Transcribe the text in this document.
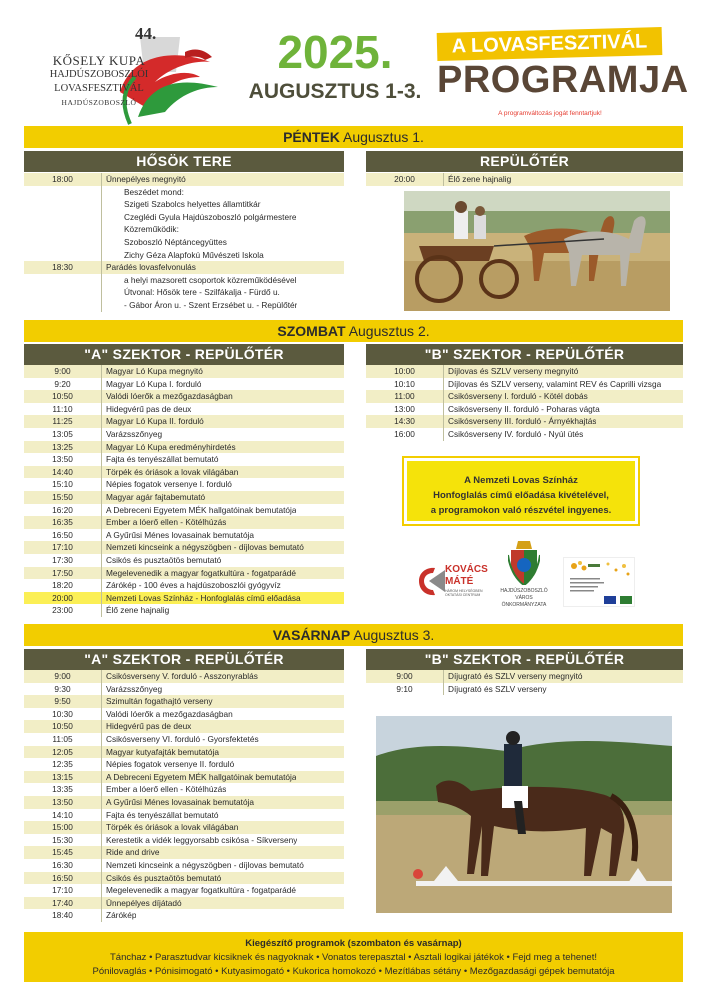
44.
KŐSELY KUPA
HAJDÚSZOBOSZLÓI
LOVASFESZTIVÁL
HAJDÚSZOBOSZLÓ
2025.
AUGUSZTUS 1-3.
A LOVASFESZTIVÁL
PROGRAMJA
A programváltozás jogát fenntartjuk!
PÉNTEK Augusztus 1.
HŐSÖK TERE
18:00	Ünnepélyes megnyitó
Beszédet mond:
Szigeti Szabolcs helyettes államtitkár
Czeglédi Gyula Hajdúszoboszló polgármestere
Közreműködik:
Szoboszló Néptáncegyüttes
Zichy Géza Alapfokú Művészeti Iskola
18:30	Parádés lovasfelvonulás
a helyi mazsorett csoportok közreműködésével
Útvonal: Hősök tere - Szilfákalja - Fürdő u.
- Gábor Áron u. - Szent Erzsébet u. - Repülőtér
REPÜLŐTÉR
20:00	Élő zene hajnalig
SZOMBAT Augusztus 2.
"A" SZEKTOR - REPÜLŐTÉR
9:00	Magyar Ló Kupa megnyitó
9:20	Magyar Ló Kupa I. forduló
10:50	Valódi lóerők a mezőgazdaságban
11:10	Hidegvérű pas de deux
11:25	Magyar Ló Kupa II. forduló
13:05	Varázsszőnyeg
13:25	Magyar Ló Kupa eredményhirdetés
13:50	Fajta és tenyészállat bemutató
14:40	Törpék és óriások a lovak világában
15:10	Népies fogatok versenye I. forduló
15:50	Magyar agár fajtabemutató
16:20	A Debreceni Egyetem MÉK hallgatóinak bemutatója
16:35	Ember a lóerő ellen - Kötélhúzás
16:50	A Gyűrűsi Ménes lovasainak bemutatója
17:10	Nemzeti kincseink a négyszögben - díjlovas bemutató
17:30	Csikós és pusztaötös bemutató
17:50	Megelevenedik a magyar fogatkultúra - fogatparádé
18:20	Zárókép - 100 éves a hajdúszoboszlói gyógyvíz
20:00	Nemzeti Lovas Színház - Honfoglalás című előadása
23:00	Élő zene hajnalig
"B" SZEKTOR - REPÜLŐTÉR
10:00	Díjlovas és SZLV verseny megnyitó
10:10	Díjlovas és SZLV verseny, valamint REV és Caprilli vizsga
11:00	Csikósverseny I. forduló - Kötél dobás
13:00	Csikósverseny II. forduló - Poharas vágta
14:30	Csikósverseny III. forduló - Árnyékhajtás
16:00	Csikósverseny IV. forduló - Nyúl ütés
A Nemzeti Lovas Színház
Honfoglalás című előadása kivételével,
a programokon való részvétel ingyenes.
KOVÁCS
MÁTÉ
HÁROM HELYSÉGBEN OKTATÁSI CENTRUM
HAJDÚSZOBOSZLÓ
VÁROS
ÖNKORMÁNYZATA
VASÁRNAP Augusztus 3.
"A" SZEKTOR - REPÜLŐTÉR
9:00	Csikósverseny V. forduló - Asszonyrablás
9:30	Varázsszőnyeg
9:50	Szimultán fogathajtó verseny
10:30	Valódi lóerők a mezőgazdaságban
10:50	Hidegvérű pas de deux
11:05	Csikósverseny VI. forduló - Gyorsfektetés
12:05	Magyar kutyafajták bemutatója
12:35	Népies fogatok versenye II. forduló
13:15	A Debreceni Egyetem MÉK hallgatóinak bemutatója
13:35	Ember a lóerő ellen - Kötélhúzás
13:50	A Gyűrűsi Ménes lovasainak bemutatója
14:10	Fajta és tenyészállat bemutató
15:00	Törpék és óriások a lovak világában
15:30	Kerestetik a vidék leggyorsabb csikósa - Síkverseny
15:45	Ride and drive
16:30	Nemzeti kincseink a négyszögben - díjlovas bemutató
16:50	Csikós és pusztaötös bemutató
17:10	Megelevenedik a magyar fogatkultúra - fogatparádé
17:40	Ünnepélyes díjátadó
18:40	Zárókép
"B" SZEKTOR - REPÜLŐTÉR
9:00	Díjugrató és SZLV verseny megnyitó
9:10	Díjugrató és SZLV verseny
Kiegészítő programok (szombaton és vasárnap)
Tánchaz • Parasztudvar kicsiknek és nagyoknak • Vonatos terepasztal • Asztali logikai játékok • Fejd meg a tehenet!
Pónilovaglás • Pónisimogató • Kutyasimogató • Kukorica homokozó • Mezítlábas sétány • Mezőgazdasági gépek bemutatója
